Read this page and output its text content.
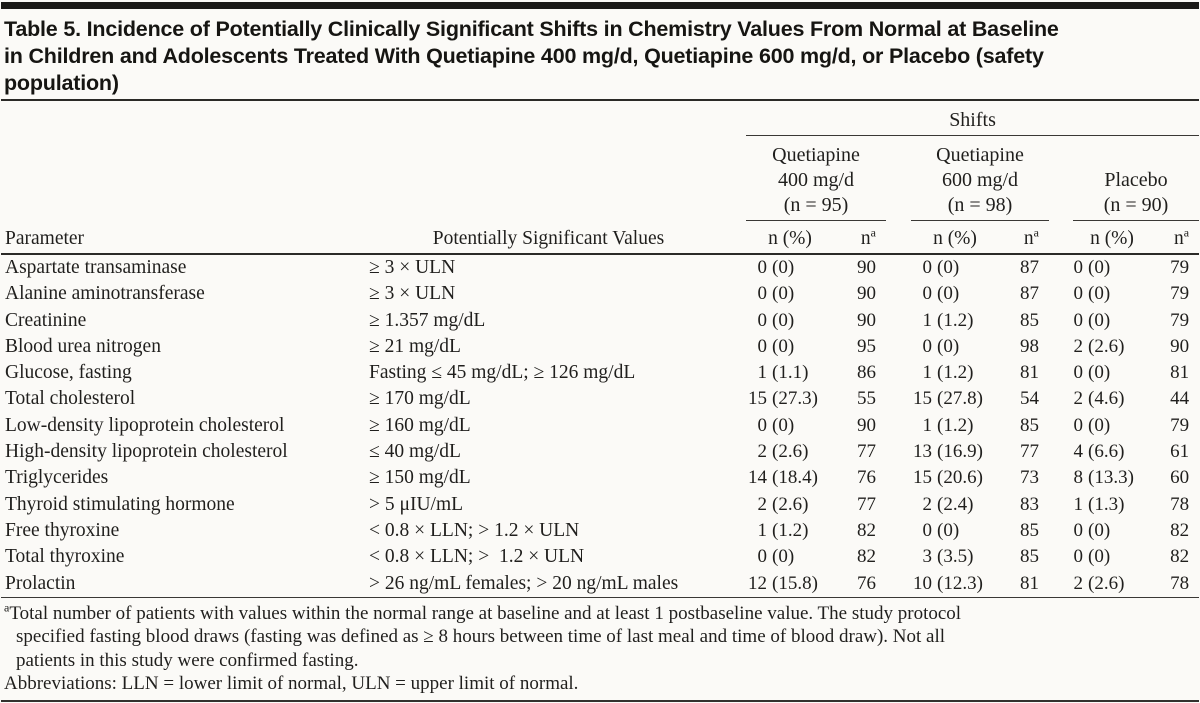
Table 5. Incidence of Potentially Clinically Significant Shifts in Chemistry Values From Normal at Baseline
in Children and Adolescents Treated With Quetiapine 400 mg/d, Quetiapine 600 mg/d, or Placebo (safety
population)
			Shifts							

Quetiapine
400 mg/d
(n = 95)

Quetiapine
600 mg/d
(n = 98)

Placebo
(n = 90)

Parameter	Potentially Significant Values		n (%)	$n^a$		n (%)	$n^a$		n (%)	$n^a$
Aspartate transaminase	≥ 3 × ULN		0 (0)	90		0 (0)	87		0 (0)	79
Alanine aminotransferase	≥ 3 × ULN		0 (0)	90		0 (0)	87		0 (0)	79
Creatinine	≥ 1.357 mg/dL		0 (0)	90		1 (1.2)	85		0 (0)	79
Blood urea nitrogen	≥ 21 mg/dL		0 (0)	95		0 (0)	98		2 (2.6)	90
Glucose, fasting	Fasting ≤ 45 mg/dL; ≥ 126 mg/dL		1 (1.1)	86		1 (1.2)	81		0 (0)	81
Total cholesterol	≥ 170 mg/dL		15 (27.3)	55		15 (27.8)	54		2 (4.6)	44
Low-density lipoprotein cholesterol	≥ 160 mg/dL		0 (0)	90		1 (1.2)	85		0 (0)	79
High-density lipoprotein cholesterol	≤ 40 mg/dL		2 (2.6)	77		13 (16.9)	77		4 (6.6)	61
Triglycerides	≥ 150 mg/dL		14 (18.4)	76		15 (20.6)	73		8 (13.3)	60
Thyroid stimulating hormone	> 5 μIU/mL		2 (2.6)	77		2 (2.4)	83		1 (1.3)	78
Free thyroxine	< 0.8 × LLN; > 1.2 × ULN		1 (1.2)	82		0 (0)	85		0 (0)	82
Total thyroxine	< 0.8 × LLN; >  1.2 × ULN		0 (0)	82		3 (3.5)	85		0 (0)	82
Prolactin	> 26 ng/mL females; > 20 ng/mL males		12 (15.8)	76		10 (12.3)	81		2 (2.6)	78
$^a$Total number of patients with values within the normal range at baseline and at least 1 postbaseline value. The study protocol
specified fasting blood draws (fasting was defined as ≥ 8 hours between time of last meal and time of blood draw). Not all
patients in this study were confirmed fasting.
Abbreviations: LLN = lower limit of normal, ULN = upper limit of normal.
